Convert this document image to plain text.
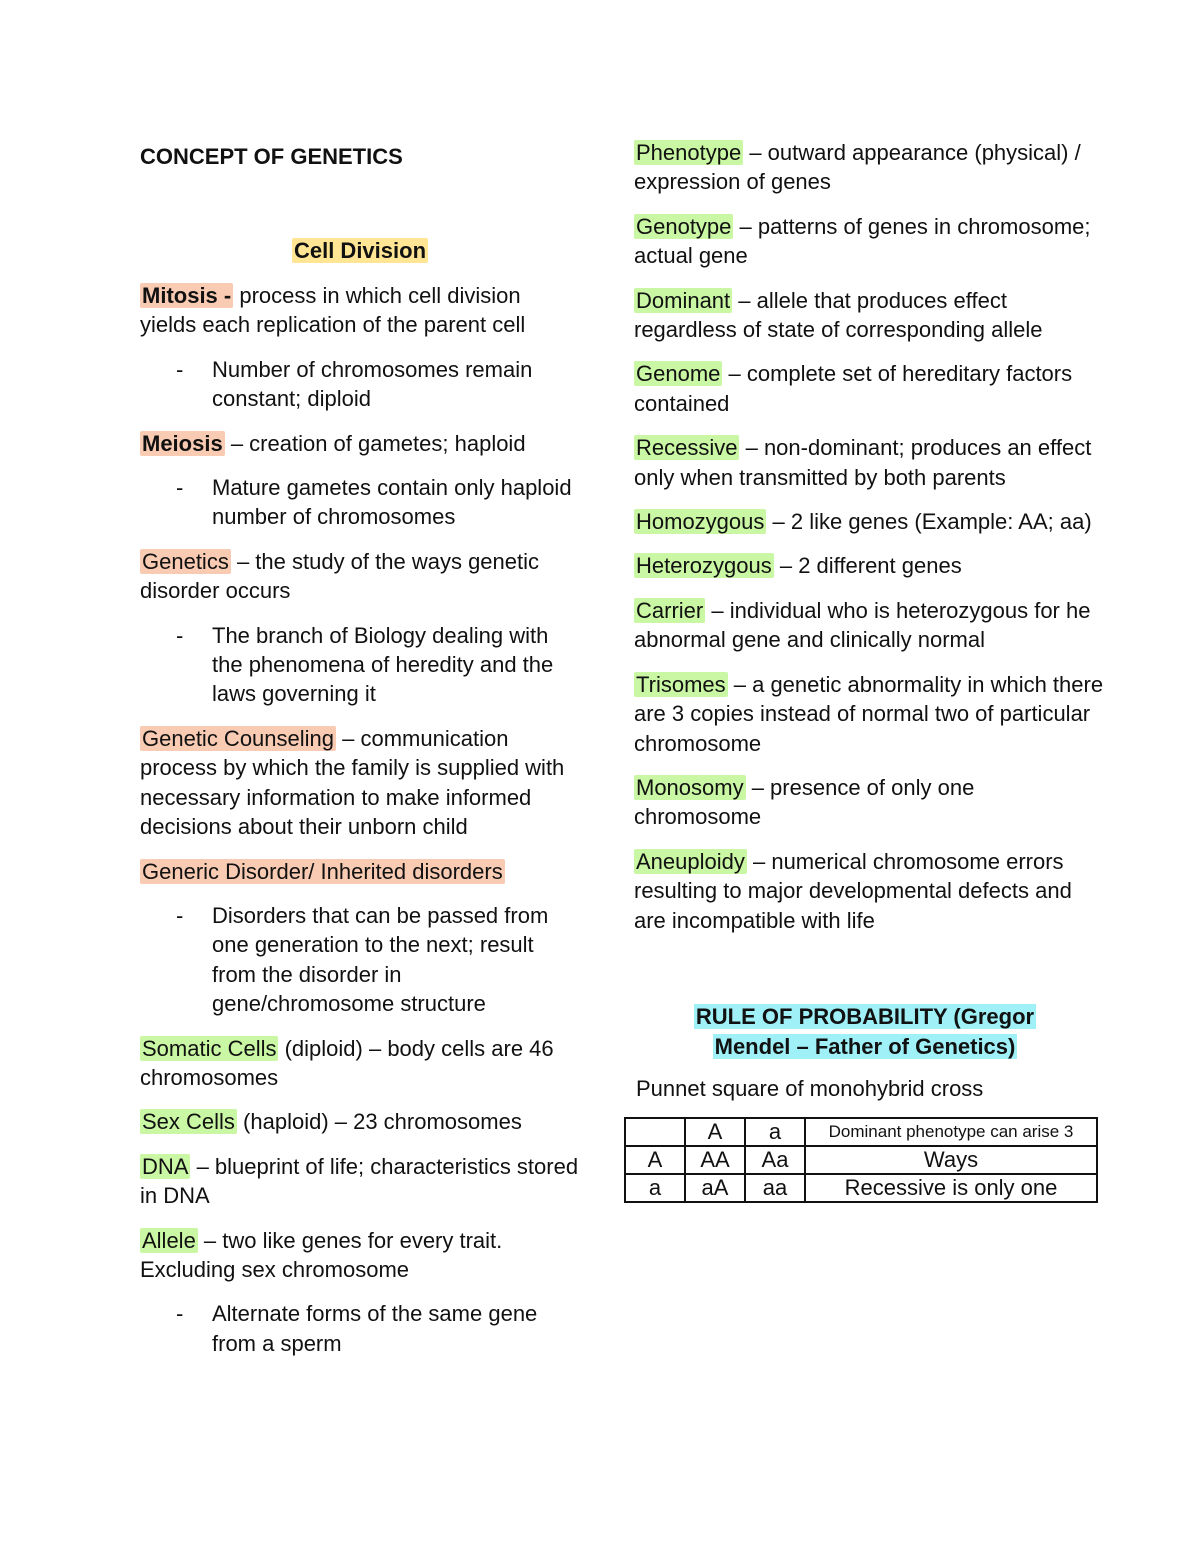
CONCEPT OF GENETICS
Cell Division
Mitosis - process in which cell division yields each replication of the parent cell
- Number of chromosomes remain constant; diploid
Meiosis – creation of gametes; haploid
- Mature gametes contain only haploid number of chromosomes
Genetics – the study of the ways genetic disorder occurs
- The branch of Biology dealing with the phenomena of heredity and the laws governing it
Genetic Counseling – communication process by which the family is supplied with necessary information to make informed decisions about their unborn child
Generic Disorder/ Inherited disorders
- Disorders that can be passed from one generation to the next; result from the disorder in gene/chromosome structure
Somatic Cells (diploid) – body cells are 46 chromosomes
Sex Cells (haploid) – 23 chromosomes
DNA – blueprint of life; characteristics stored in DNA
Allele – two like genes for every trait. Excluding sex chromosome
- Alternate forms of the same gene from a sperm
Phenotype – outward appearance (physical) / expression of genes
Genotype – patterns of genes in chromosome; actual gene
Dominant – allele that produces effect regardless of state of corresponding allele
Genome – complete set of hereditary factors contained
Recessive – non-dominant; produces an effect only when transmitted by both parents
Homozygous – 2 like genes (Example: AA; aa)
Heterozygous – 2 different genes
Carrier – individual who is heterozygous for he abnormal gene and clinically normal
Trisomes – a genetic abnormality in which there are 3 copies instead of normal two of particular chromosome
Monosomy – presence of only one chromosome
Aneuploidy – numerical chromosome errors resulting to major developmental defects and are incompatible with life
RULE OF PROBABILITY (Gregor
Mendel – Father of Genetics)
Punnet square of monohybrid cross
	A	a	Dominant phenotype can arise 3
A	AA	Aa	Ways
a	aA	aa	Recessive is only one
